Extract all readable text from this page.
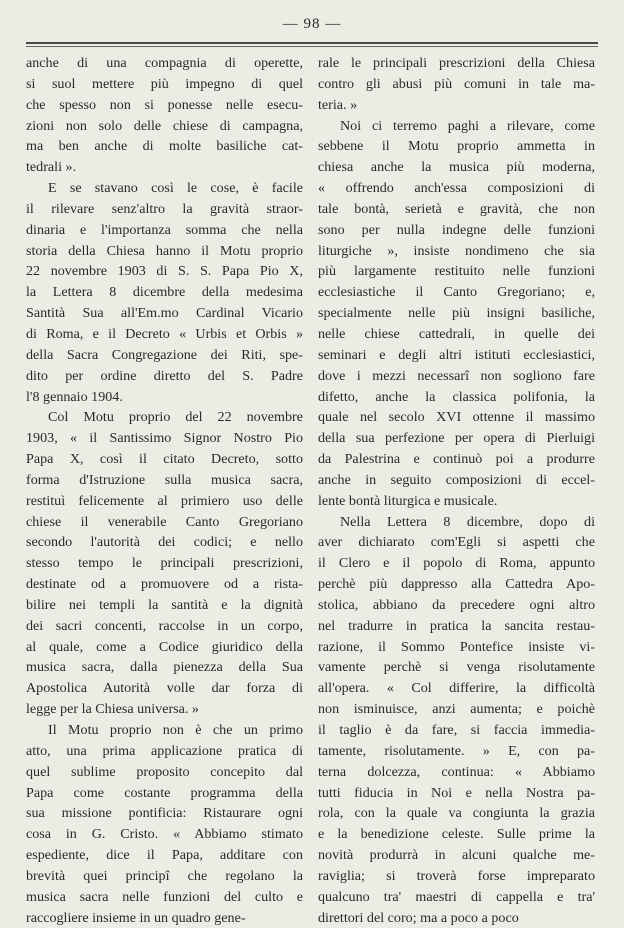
— 98 —

anche di una compagnia di operette,
si suol mettere più impegno di quel
che spesso non si ponesse nelle esecu-
zioni non solo delle chiese di campagna,
ma ben anche di molte basiliche cat-
tedrali ».

E se stavano così le cose, è facile
il rilevare senz'altro la gravità straor-
dinaria e l'importanza somma che nella
storia della Chiesa hanno il Motu proprio
22 novembre 1903 di S. S. Papa Pio X,
la Lettera 8 dicembre della medesima
Santità Sua all'Em.mo Cardinal Vicario
di Roma, e il Decreto « Urbis et Orbis »
della Sacra Congregazione dei Riti, spe-
dito per ordine diretto del S. Padre
l'8 gennaio 1904.

Col Motu proprio del 22 novembre
1903, « il Santissimo Signor Nostro Pio
Papa X, così il citato Decreto, sotto
forma d'Istruzione sulla musica sacra,
restituì felicemente al primiero uso delle
chiese il venerabile Canto Gregoriano
secondo l'autorità dei codici; e nello
stesso tempo le principali prescrizioni,
destinate od a promuovere od a rista-
bilire nei templi la santità e la dignità
dei sacri concenti, raccolse in un corpo,
al quale, come a Codice giuridico della
musica sacra, dalla pienezza della Sua
Apostolica Autorità volle dar forza di
legge per la Chiesa universa. »

Il Motu proprio non è che un primo
atto, una prima applicazione pratica di
quel sublime proposito concepito dal
Papa come costante programma della
sua missione pontificia: Ristaurare ogni
cosa in G. Cristo. « Abbiamo stimato
espediente, dice il Papa, additare con
brevità quei principî che regolano la
musica sacra nelle funzioni del culto e
raccogliere insieme in un quadro gene-

rale le principali prescrizioni della Chiesa
contro gli abusi più comuni in tale ma-
teria. »

Noi ci terremo paghi a rilevare, come
sebbene il Motu proprio ammetta in
chiesa anche la musica più moderna,
« offrendo anch'essa composizioni di
tale bontà, serietà e gravità, che non
sono per nulla indegne delle funzioni
liturgiche », insiste nondimeno che sia
più largamente restituito nelle funzioni
ecclesiastiche il Canto Gregoriano; e,
specialmente nelle più insigni basiliche,
nelle chiese cattedrali, in quelle dei
seminari e degli altri istituti ecclesiastici,
dove i mezzi necessarî non sogliono fare
difetto, anche la classica polifonia, la
quale nel secolo XVI ottenne il massimo
della sua perfezione per opera di Pierluigi
da Palestrina e continuò poi a produrre
anche in seguito composizioni di eccel-
lente bontà liturgica e musicale.

Nella Lettera 8 dicembre, dopo di
aver dichiarato com'Egli si aspetti che
il Clero e il popolo di Roma, appunto
perchè più dappresso alla Cattedra Apo-
stolica, abbiano da precedere ogni altro
nel tradurre in pratica la sancita restau-
razione, il Sommo Pontefice insiste vi-
vamente perchè si venga risolutamente
all'opera. « Col differire, la difficoltà
non isminuisce, anzi aumenta; e poichè
il taglio è da fare, si faccia immedia-
tamente, risolutamente. » E, con pa-
terna dolcezza, continua: « Abbiamo
tutti fiducia in Noi e nella Nostra pa-
rola, con la quale va congiunta la grazia
e la benedizione celeste. Sulle prime la
novità produrrà in alcuni qualche me-
raviglia; si troverà forse impreparato
qualcuno tra' maestri di cappella e tra'
direttori del coro; ma a poco a poco
